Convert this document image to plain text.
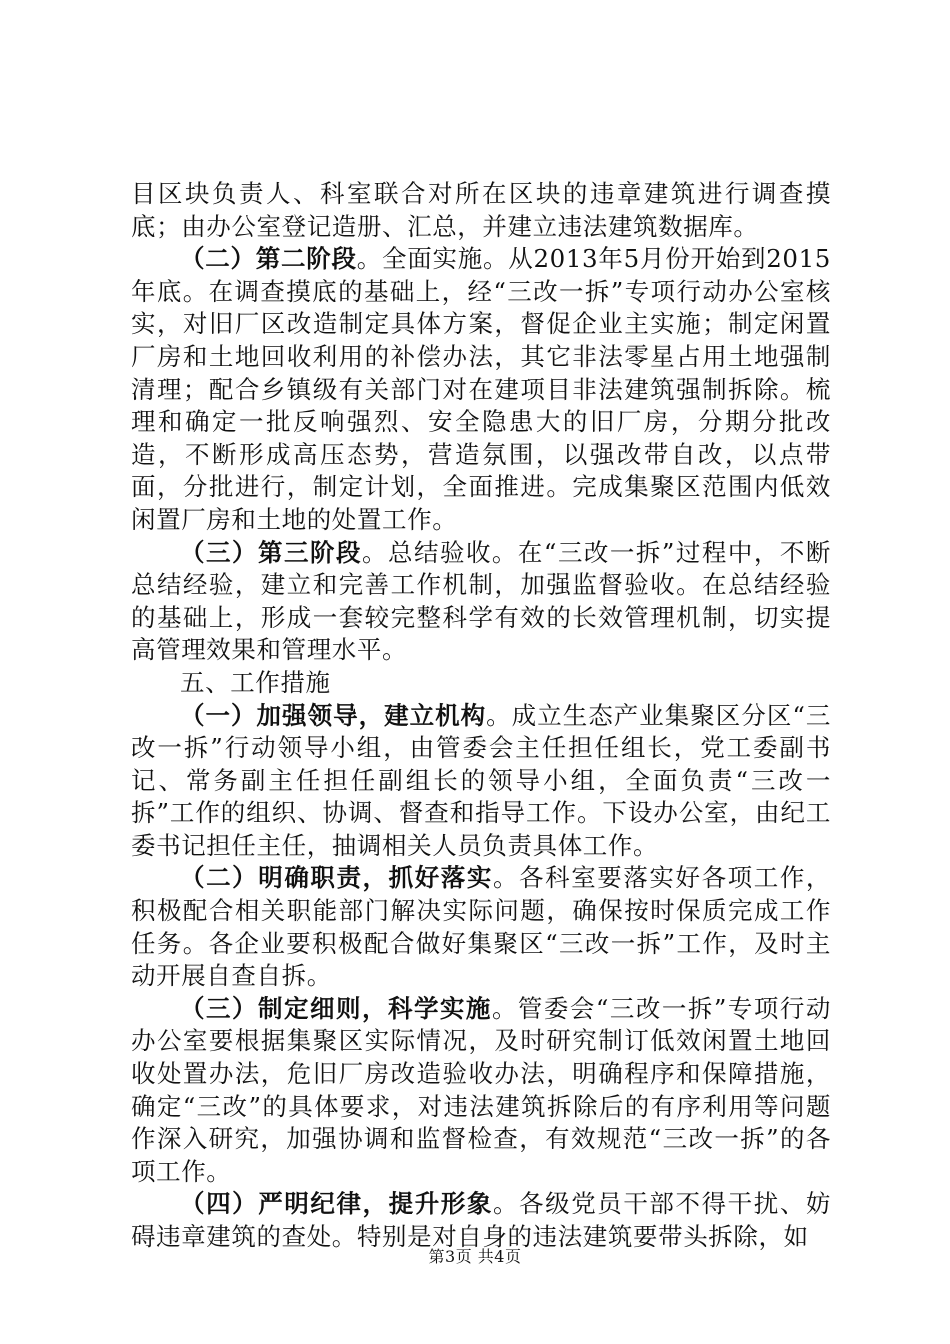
目区块负责人、科室联合对所在区块的违章建筑进行调查摸底；由办公室登记造册、汇总，并建立违法建筑数据库。

（二）第二阶段。全面实施。从2013年5月份开始到2015年底。在调查摸底的基础上，经“三改一拆”专项行动办公室核实，对旧厂区改造制定具体方案，督促企业主实施；制定闲置厂房和土地回收利用的补偿办法，其它非法零星占用土地强制清理；配合乡镇级有关部门对在建项目非法建筑强制拆除。梳理和确定一批反响强烈、安全隐患大的旧厂房，分期分批改造，不断形成高压态势，营造氛围，以强改带自改，以点带面，分批进行，制定计划，全面推进。完成集聚区范围内低效闲置厂房和土地的处置工作。

（三）第三阶段。总结验收。在“三改一拆”过程中，不断总结经验，建立和完善工作机制，加强监督验收。在总结经验的基础上，形成一套较完整科学有效的长效管理机制，切实提高管理效果和管理水平。

五、工作措施

（一）加强领导，建立机构。成立生态产业集聚区分区“三改一拆”行动领导小组，由管委会主任担任组长，党工委副书记、常务副主任担任副组长的领导小组，全面负责“三改一拆”工作的组织、协调、督查和指导工作。下设办公室，由纪工委书记担任主任，抽调相关人员负责具体工作。

（二）明确职责，抓好落实。各科室要落实好各项工作，积极配合相关职能部门解决实际问题，确保按时保质完成工作任务。各企业要积极配合做好集聚区“三改一拆”工作，及时主动开展自查自拆。

（三）制定细则，科学实施。管委会“三改一拆”专项行动办公室要根据集聚区实际情况，及时研究制订低效闲置土地回收处置办法，危旧厂房改造验收办法，明确程序和保障措施，确定“三改”的具体要求，对违法建筑拆除后的有序利用等问题作深入研究，加强协调和监督检查，有效规范“三改一拆”的各项工作。

（四）严明纪律，提升形象。各级党员干部不得干扰、妨碍违章建筑的查处。特别是对自身的违法建筑要带头拆除，如

第3页 共4页
